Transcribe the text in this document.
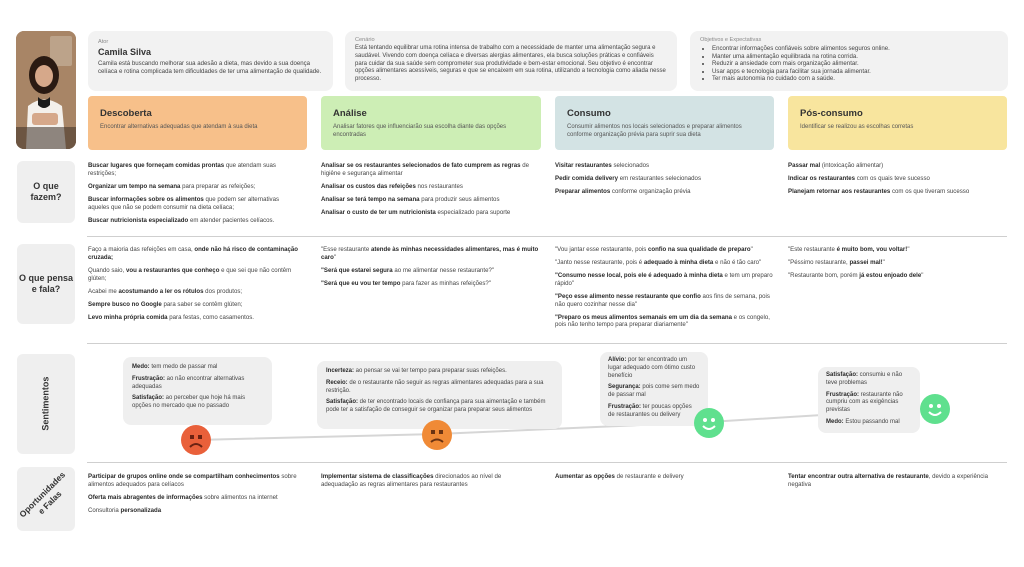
Ator
Camila Silva
Camila está buscando melhorar sua adesão a dieta, mas devido a sua doença celíaca e rotina complicada tem dificuldades de ter uma alimentação de qualidade.
Cenário
Está tentando equilibrar uma rotina intensa de trabalho com a necessidade de manter uma alimentação segura e saudável. Vivendo com doença celíaca e diversas alergias alimentares, ela busca soluções práticas e confiáveis para cuidar da sua saúde sem comprometer sua produtividade e bem-estar emocional. Seu objetivo é encontrar opções alimentares acessíveis, seguras e que se encaixem em sua rotina, utilizando a tecnologia como aliada nesse processo.
Objetivos e Expectativas
• Encontrar informações confiáveis sobre alimentos seguros online.
• Manter uma alimentação equilibrada na rotina corrida.
• Reduzir a ansiedade com mais organização alimentar.
• Usar apps e tecnologia para facilitar sua jornada alimentar.
• Ter mais autonomia no cuidado com a saúde.
Descoberta
Encontrar alternativas adequadas que atendam à sua dieta
Análise
Analisar fatores que influenciarão sua escolha diante das opções encontradas
Consumo
Consumir alimentos nos locais selecionados e preparar alimentos conforme organização prévia para suprir sua dieta
Pós-consumo
Identificar se realizou as escolhas corretas
O que fazem?
O que pensa e fala?
Sentimentos
Oportunidades e Falas

Buscar lugares que forneçam comidas prontas que atendam suas restrições;

Organizar um tempo na semana para preparar as refeições;

Buscar informações sobre os alimentos que podem ser alternativas aqueles que não se podem consumir na dieta celíaca;

Buscar nutricionista especializado em atender pacientes celíacos.

Analisar se os restaurantes selecionados de fato cumprem as regras de higiêne e segurança alimentar

Analisar os custos das refeições nos restaurantes

Analisar se terá tempo na semana para produzir seus alimentos

Analisar o custo de ter um nutricionista especializado para suporte

Visitar restaurantes selecionados

Pedir comida delivery em restaurantes selecionados

Preparar alimentos conforme organização prévia

Passar mal (intoxicação alimentar)

Indicar os restaurantes com os quais teve sucesso

Planejam retornar aos restaurantes com os que tiveram sucesso

Faço a maioria das refeições em casa, onde não há risco de contaminação cruzada;

Quando saio, vou a restaurantes que conheço e que sei que não contêm glúten;

Acabei me acostumando a ler os rótulos dos produtos;

Sempre busco no Google para saber se contêm glúten;

Levo minha própria comida para festas, como casamentos.

"Esse restaurante atende às minhas necessidades alimentares, mas é muito caro"

"Será que estarei segura ao me alimentar nesse restaurante?"

"Será que eu vou ter tempo para fazer as minhas refeições?"

"Vou jantar esse restaurante, pois confio na sua qualidade de preparo"

"Janto nesse restaurante, pois é adequado à minha dieta e não é tão caro"

"Consumo nesse local, pois ele é adequado à minha dieta e tem um preparo rápido"

"Peço esse alimento nesse restaurante que confio aos fins de semana, pois não quero cozinhar nesse dia"

"Preparo os meus alimentos semanais em um dia da semana e os congelo, pois não tenho tempo para preparar diariamente"

"Este restaurante é muito bom, vou voltar!"

"Péssimo restaurante, passei mal!"

"Restaurante bom, porém já estou enjoado dele"

Medo: tem medo de passar mal

Frustração: ao não encontrar alternativas adequadas

Satisfação: ao perceber que hoje há mais opções no mercado que no passado

Incerteza: ao pensar se vai ter tempo para preparar suas refeições.

Receio: de o restaurante não seguir as regras alimentares adequadas para a sua restrição.

Satisfação: de ter encontrado locais de confiança para sua aimentação e também pode ter a satisfação de conseguir se organizar para preparar seus alimentos

Alívio: por ter encontrado um lugar adequado com ótimo custo benefício

Segurança: pois come sem medo de passar mal

Frustração: ter poucas opções de restaurantes ou delivery

Satisfação: consumiu e não teve problemas

Frustração: restaurante não cumpriu com as exigências previstas

Medo: Estou passando mal

Participar de grupos online onde se compartilham conhecimentos sobre alimentos adequados para celíacos

Oferta mais abragentes de informações sobre alimentos na internet

Consultoria personalizada

Implementar sistema de classificações direcionados ao nível de adequadação as regras alimentares para restaurantes

Aumentar as opções de restaurante e delivery	Tentar encontrar outra alternativa de restaurante, devido a experiência negativa
